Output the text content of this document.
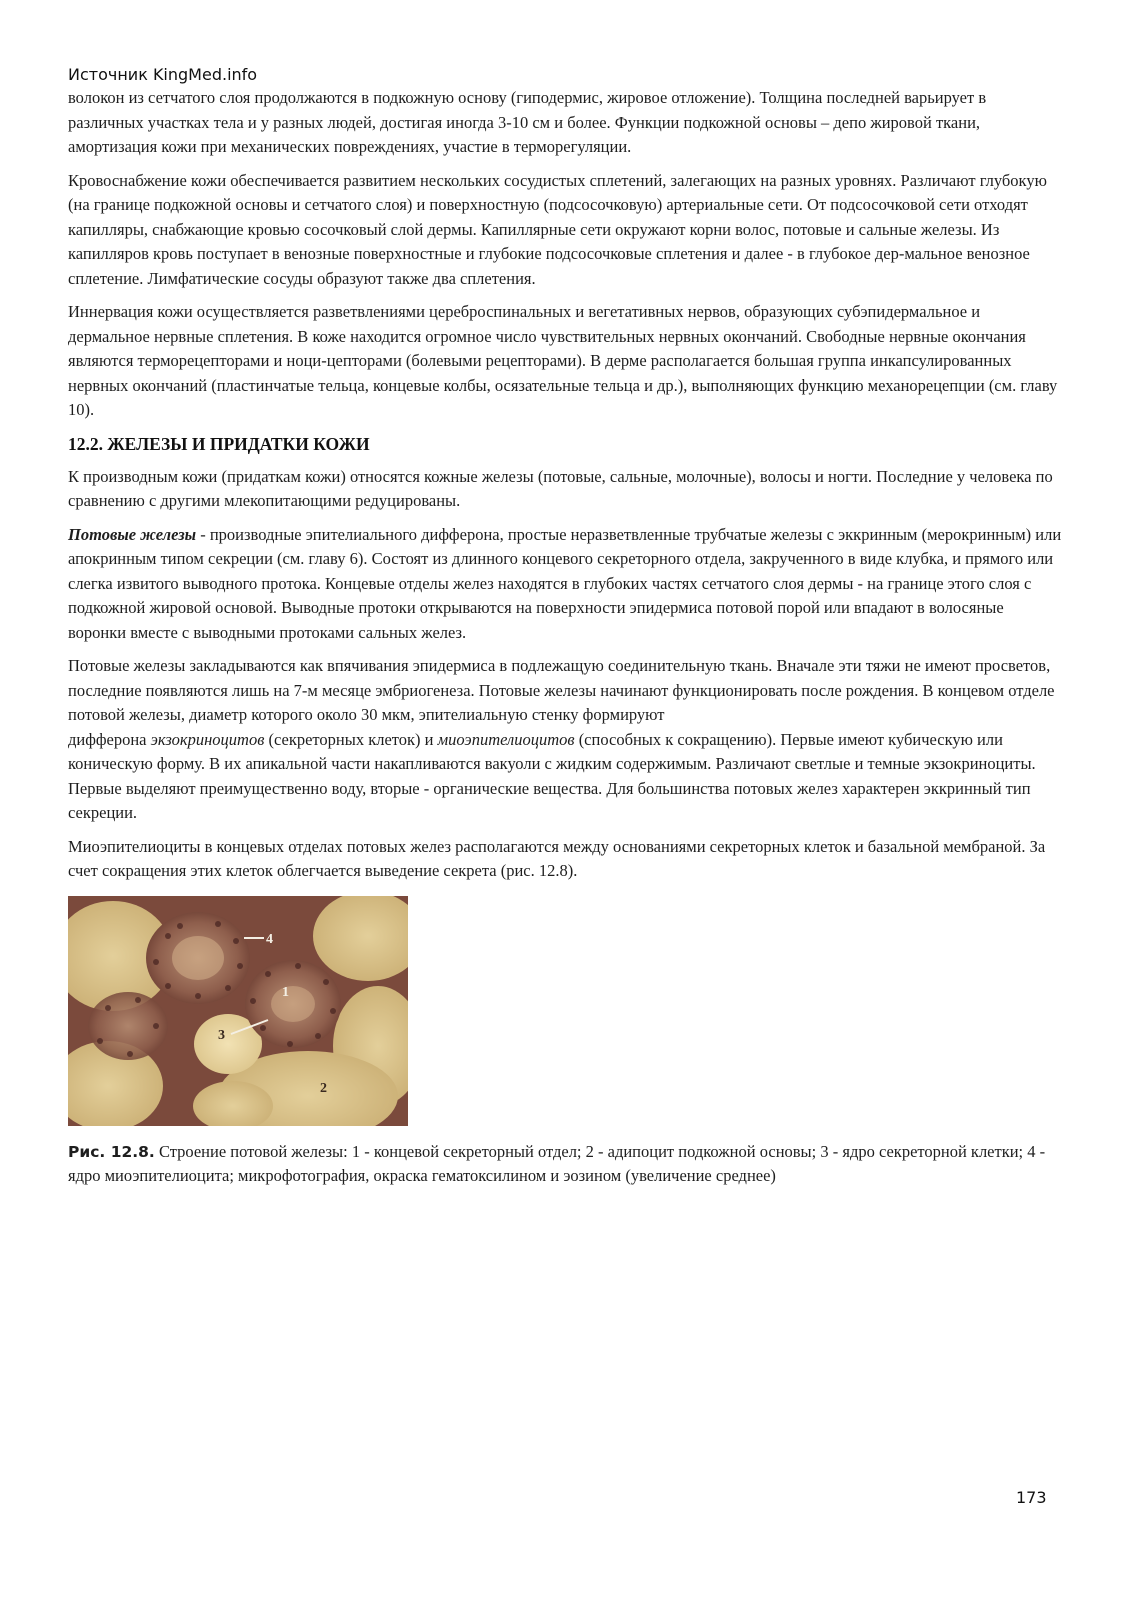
Источник KingMed.info

волокон из сетчатого слоя продолжаются в подкожную основу (гиподермис, жировое отложение). Толщина последней варьирует в различных участках тела и у разных людей, достигая иногда 3-10 см и более. Функции подкожной основы – депо жировой ткани, амортизация кожи при механических повреждениях, участие в терморегуляции.

Кровоснабжение кожи обеспечивается развитием нескольких сосудистых сплетений, залегающих на разных уровнях. Различают глубокую (на границе подкожной основы и сетчатого слоя) и поверхностную (подсосочковую) артериальные сети. От подсосочковой сети отходят капилляры, снабжающие кровью сосочковый слой дермы. Капиллярные сети окружают корни волос, потовые и сальные железы. Из капилляров кровь поступает в венозные поверхностные и глубокие подсосочковые сплетения и далее - в глубокое дер-мальное венозное сплетение. Лимфатические сосуды образуют также два сплетения.

Иннервация кожи осуществляется разветвлениями цереброспинальных и вегетативных нервов, образующих субэпидермальное и дермальное нервные сплетения. В коже находится огромное число чувствительных нервных окончаний. Свободные нервные окончания являются терморецепторами и ноци-цепторами (болевыми рецепторами). В дерме располагается большая группа инкапсулированных нервных окончаний (пластинчатые тельца, концевые колбы, осязательные тельца и др.), выполняющих функцию механорецепции (см. главу 10).

12.2. ЖЕЛЕЗЫ И ПРИДАТКИ КОЖИ

К производным кожи (придаткам кожи) относятся кожные железы (потовые, сальные, молочные), волосы и ногти. Последние у человека по сравнению с другими млекопитающими редуцированы.

Потовые железы - производные эпителиального дифферона, простые неразветвленные трубчатые железы с эккринным (мерокринным) или апокринным типом секреции (см. главу 6). Состоят из длинного концевого секреторного отдела, закрученного в виде клубка, и прямого или слегка извитого выводного протока. Концевые отделы желез находятся в глубоких частях сетчатого слоя дермы - на границе этого слоя с подкожной жировой основой. Выводные протоки открываются на поверхности эпидермиса потовой порой или впадают в волосяные воронки вместе с выводными протоками сальных желез.

Потовые железы закладываются как впячивания эпидермиса в подлежащую соединительную ткань. Вначале эти тяжи не имеют просветов, последние появляются лишь на 7-м месяце эмбриогенеза. Потовые железы начинают функционировать после рождения. В концевом отделе потовой железы, диаметр которого около 30 мкм, эпителиальную стенку формируют
дифферона экзокриноцитов (секреторных клеток) и миоэпителиоцитов (способных к сокращению). Первые имеют кубическую или коническую форму. В их апикальной части накапливаются вакуоли с жидким содержимым. Различают светлые и темные экзокриноциты. Первые выделяют преимущественно воду, вторые - органические вещества. Для большинства потовых желез характерен эккринный тип секреции.

Миоэпителиоциты в концевых отделах потовых желез располагаются между основаниями секреторных клеток и базальной мембраной. За счет сокращения этих клеток облегчается выведение секрета (рис. 12.8).

4
1
3
2

Рис. 12.8. Строение потовой железы: 1 - концевой секреторный отдел; 2 - адипоцит подкожной основы; 3 - ядро секреторной клетки; 4 - ядро миоэпителиоцита; микрофотография, окраска гематоксилином и эозином (увеличение среднее)

173
